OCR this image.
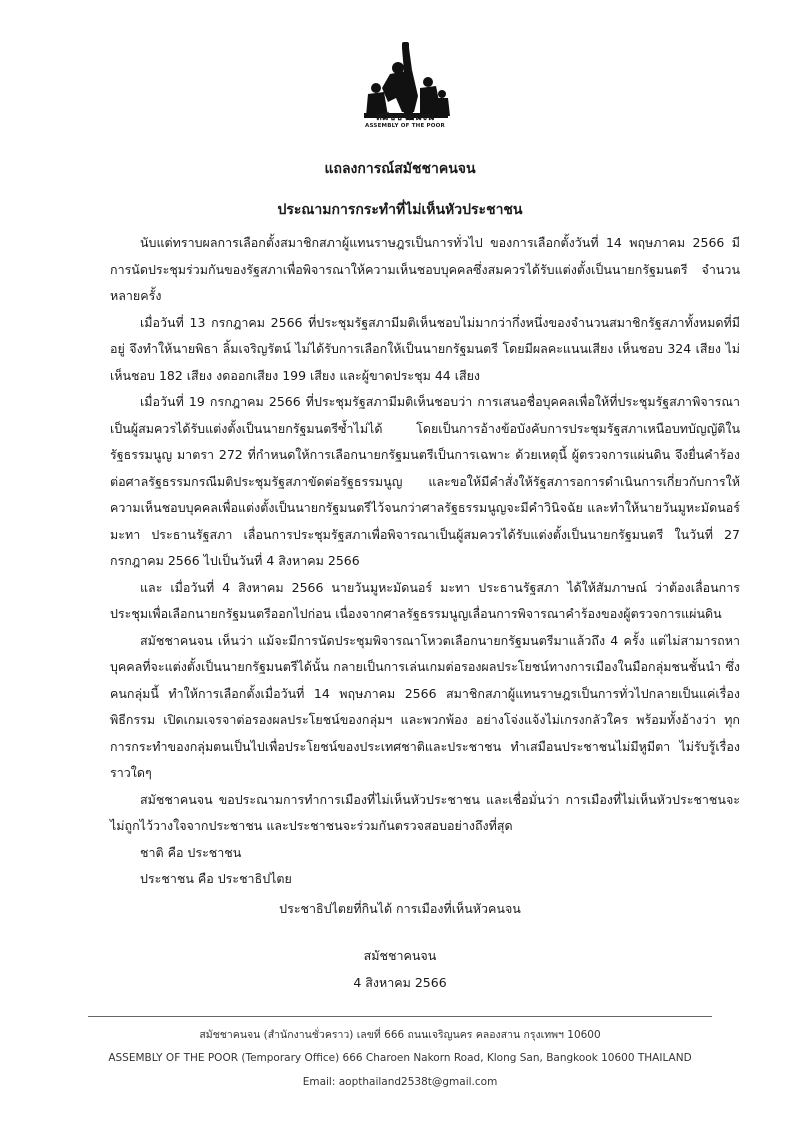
สมัชชาคนจน
ASSEMBLY OF THE POOR
แถลงการณ์สมัชชาคนจน
ประณามการกระทำที่ไม่เห็นหัวประชาชน

นับแต่ทราบผลการเลือกตั้งสมาชิกสภาผู้แทนราษฎรเป็นการทั่วไป ของการเลือกตั้งวันที่ 14 พฤษภาคม 2566 มีการนัดประชุมร่วมกันของรัฐสภาเพื่อพิจารณาให้ความเห็นชอบบุคคลซึ่งสมควรได้รับแต่งตั้งเป็นนายกรัฐมนตรี จำนวนหลายครั้ง

เมื่อวันที่ 13 กรกฎาคม 2566 ที่ประชุมรัฐสภามีมติเห็นชอบไม่มากว่ากึ่งหนึ่งของจำนวนสมาชิกรัฐสภาทั้งหมดที่มีอยู่ จึงทำให้นายพิธา ลิ้มเจริญรัตน์ ไม่ได้รับการเลือกให้เป็นนายกรัฐมนตรี โดยมีผลคะแนนเสียง เห็นชอบ 324 เสียง ไม่เห็นชอบ 182 เสียง งดออกเสียง 199 เสียง และผู้ขาดประชุม 44 เสียง

เมื่อวันที่ 19 กรกฎาคม 2566 ที่ประชุมรัฐสภามีมติเห็นชอบว่า การเสนอชื่อบุคคลเพื่อให้ที่ประชุมรัฐสภาพิจารณาเป็นผู้สมควรได้รับแต่งตั้งเป็นนายกรัฐมนตรีซ้ำไม่ได้ โดยเป็นการอ้างข้อบังคับการประชุมรัฐสภาเหนือบทบัญญัติในรัฐธรรมนูญ มาตรา 272 ที่กำหนดให้การเลือกนายกรัฐมนตรีเป็นการเฉพาะ ด้วยเหตุนี้ ผู้ตรวจการแผ่นดิน จึงยื่นคำร้องต่อศาลรัฐธรรมกรณีมติประชุมรัฐสภาขัดต่อรัฐธรรมนูญ และขอให้มีคำสั่งให้รัฐสภารอการดำเนินการเกี่ยวกับการให้ความเห็นชอบบุคคลเพื่อแต่งตั้งเป็นนายกรัฐมนตรีไว้จนกว่าศาลรัฐธรรมนูญจะมีคำวินิจฉัย และทำให้นายวันมูหะมัดนอร์ มะทา ประธานรัฐสภา เลื่อนการประชุมรัฐสภาเพื่อพิจารณาเป็นผู้สมควรได้รับแต่งตั้งเป็นนายกรัฐมนตรี ในวันที่ 27 กรกฎาคม 2566 ไปเป็นวันที่ 4 สิงหาคม 2566

และ เมื่อวันที่ 4 สิงหาคม 2566 นายวันมูหะมัดนอร์ มะทา ประธานรัฐสภา ได้ให้สัมภาษณ์ ว่าต้องเลื่อนการประชุมเพื่อเลือกนายกรัฐมนตรีออกไปก่อน เนื่องจากศาลรัฐธรรมนูญเลื่อนการพิจารณาคำร้องของผู้ตรวจการแผ่นดิน

สมัชชาคนจน เห็นว่า แม้จะมีการนัดประชุมพิจารณาโหวตเลือกนายกรัฐมนตรีมาแล้วถึง 4 ครั้ง แต่ไม่สามารถหาบุคคลที่จะแต่งตั้งเป็นนายกรัฐมนตรีได้นั้น กลายเป็นการเล่นเกมต่อรองผลประโยชน์ทางการเมืองในมือกลุ่มชนชั้นนำ ซึ่งคนกลุ่มนี้ ทำให้การเลือกตั้งเมื่อวันที่ 14 พฤษภาคม 2566 สมาชิกสภาผู้แทนราษฎรเป็นการทั่วไปกลายเป็นแค่เรื่องพิธีกรรม เปิดเกมเจรจาต่อรองผลประโยชน์ของกลุ่มฯ และพวกพ้อง อย่างโจ่งแจ้งไม่เกรงกลัวใคร พร้อมทั้งอ้างว่า ทุกการกระทำของกลุ่มตนเป็นไปเพื่อประโยชน์ของประเทศชาติและประชาชน ทำเสมือนประชาชนไม่มีหูมีตา ไม่รับรู้เรื่องราวใดๆ

สมัชชาคนจน ขอประณามการทำการเมืองที่ไม่เห็นหัวประชาชน และเชื่อมั่นว่า การเมืองที่ไม่เห็นหัวประชาชนจะไม่ถูกไว้วางใจจากประชาชน และประชาชนจะร่วมกันตรวจสอบอย่างถึงที่สุด

ชาติ คือ ประชาชน

ประชาชน คือ ประชาธิปไตย

ประชาธิปไตยที่กินได้ การเมืองที่เห็นหัวคนจน
สมัชชาคนจน
4 สิงหาคม 2566
สมัชชาคนจน (สำนักงานชั่วคราว) เลขที่ 666 ถนนเจริญนคร คลองสาน กรุงเทพฯ 10600
ASSEMBLY OF THE POOR (Temporary Office) 666 Charoen Nakorn Road, Klong San, Bangkook 10600 THAILAND
Email: aopthailand2538t@gmail.com
